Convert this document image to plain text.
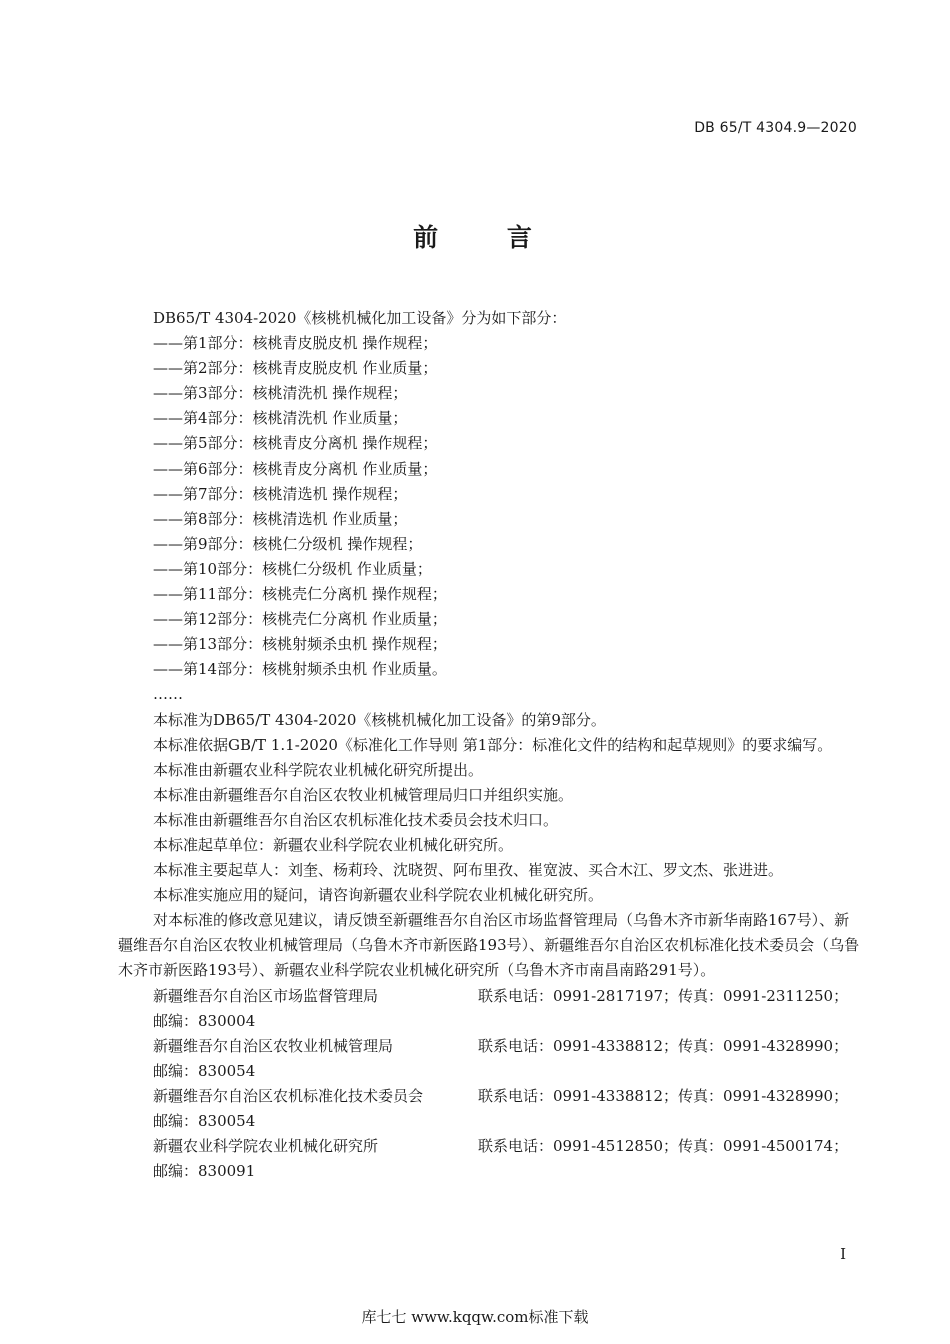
DB 65/T 4304.9—2020
前 言
DB65/T 4304-2020《核桃机械化加工设备》分为如下部分：
——第1部分：核桃青皮脱皮机 操作规程；
——第2部分：核桃青皮脱皮机 作业质量；
——第3部分：核桃清洗机 操作规程；
——第4部分：核桃清洗机 作业质量；
——第5部分：核桃青皮分离机 操作规程；
——第6部分：核桃青皮分离机 作业质量；
——第7部分：核桃清选机 操作规程；
——第8部分：核桃清选机 作业质量；
——第9部分：核桃仁分级机 操作规程；
——第10部分：核桃仁分级机 作业质量；
——第11部分：核桃壳仁分离机 操作规程；
——第12部分：核桃壳仁分离机 作业质量；
——第13部分：核桃射频杀虫机 操作规程；
——第14部分：核桃射频杀虫机 作业质量。
……
本标准为DB65/T 4304-2020《核桃机械化加工设备》的第9部分。
本标准依据GB/T 1.1-2020《标准化工作导则 第1部分：标准化文件的结构和起草规则》的要求编写。
本标准由新疆农业科学院农业机械化研究所提出。
本标准由新疆维吾尔自治区农牧业机械管理局归口并组织实施。
本标准由新疆维吾尔自治区农机标准化技术委员会技术归口。
本标准起草单位：新疆农业科学院农业机械化研究所。
本标准主要起草人：刘奎、杨莉玲、沈晓贺、阿布里孜、崔宽波、买合木江、罗文杰、张进进。
本标准实施应用的疑问，请咨询新疆农业科学院农业机械化研究所。
对本标准的修改意见建议，请反馈至新疆维吾尔自治区市场监督管理局（乌鲁木齐市新华南路167号）、新疆维吾尔自治区农牧业机械管理局（乌鲁木齐市新医路193号）、新疆维吾尔自治区农机标准化技术委员会（乌鲁木齐市新医路193号）、新疆农业科学院农业机械化研究所（乌鲁木齐市南昌南路291号）。
新疆维吾尔自治区市场监督管理局	联系电话：0991-2817197；传真：0991-2311250；
邮编：830004
新疆维吾尔自治区农牧业机械管理局	联系电话：0991-4338812；传真：0991-4328990；
邮编：830054
新疆维吾尔自治区农机标准化技术委员会	联系电话：0991-4338812；传真：0991-4328990；
邮编：830054
新疆农业科学院农业机械化研究所	联系电话：0991-4512850；传真：0991-4500174；
邮编：830091
I
库七七 www.kqqw.com标准下载
